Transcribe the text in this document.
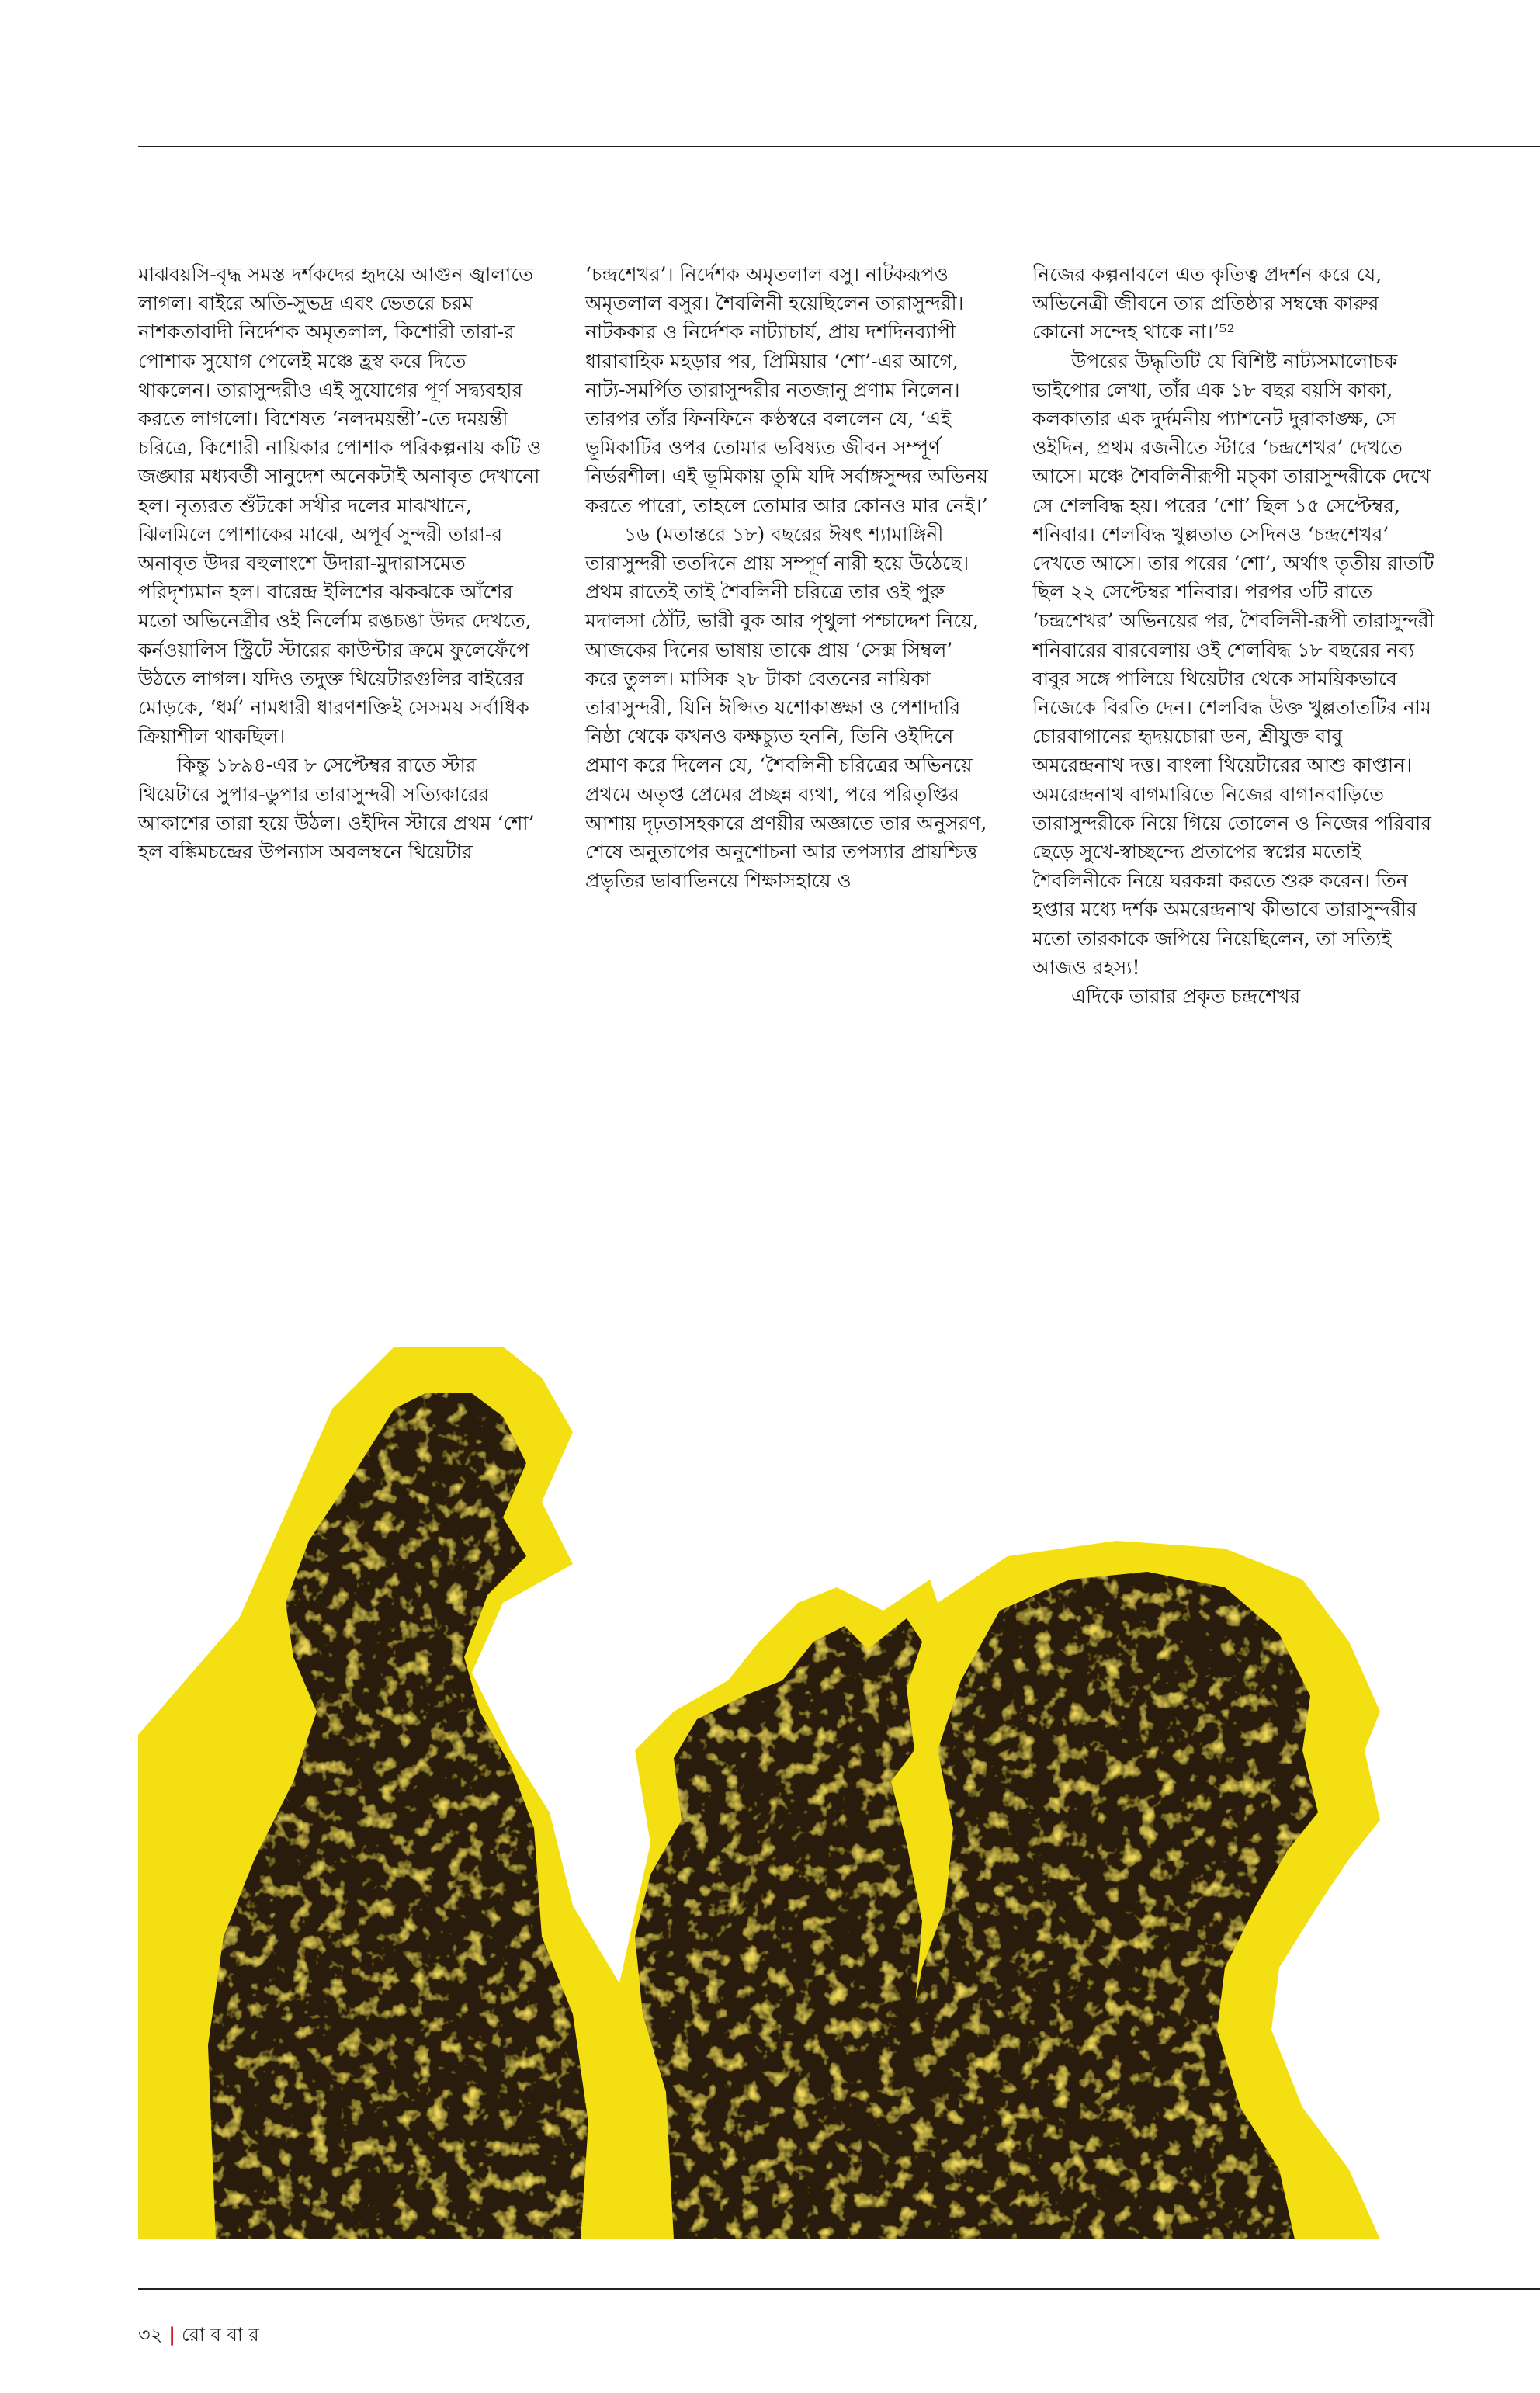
মাঝবয়সি-বৃদ্ধ সমস্ত দর্শকদের হৃদয়ে আগুন জ্বালাতে লাগল। বাইরে অতি-সুভদ্র এবং ভেতরে চরম নাশকতাবাদী নির্দেশক অমৃতলাল, কিশোরী তারা-র পোশাক সুযোগ পেলেই মঞ্চে হ্রস্ব করে দিতে থাকলেন। তারাসুন্দরীও এই সুযোগের পূর্ণ সদ্ব্যবহার করতে লাগলো। বিশেষত ‘নলদময়ন্তী’-তে দময়ন্তী চরিত্রে, কিশোরী নায়িকার পোশাক পরিকল্পনায় কটি ও জঙ্ঘার মধ্যবর্তী সানুদেশ অনেকটাই অনাবৃত দেখানো হল। নৃত্যরত শুঁটকো সখীর দলের মাঝখানে, ঝিলমিলে পোশাকের মাঝে, অপূর্ব সুন্দরী তারা-র অনাবৃত উদর বহুলাংশে উদারা-মুদারাসমেত পরিদৃশ্যমান হল। বারেন্দ্র ইলিশের ঝকঝকে আঁশের মতো অভিনেত্রীর ওই নির্লোম রঙচঙা উদর দেখতে, কর্নওয়ালিস স্ট্রিটে স্টারের কাউন্টার ক্রমে ফুলেফেঁপে উঠতে লাগল। যদিও তদুক্ত থিয়েটারগুলির বাইরের মোড়কে, ‘ধর্ম’ নামধারী ধারণশক্তিই সেসময় সর্বাধিক ক্রিয়াশীল থাকছিল।

কিন্তু ১৮৯৪-এর ৮ সেপ্টেম্বর রাতে স্টার থিয়েটারে সুপার-ডুপার তারাসুন্দরী সত্যিকারের আকাশের তারা হয়ে উঠল। ওইদিন স্টারে প্রথম ‘শো’ হল বঙ্কিমচন্দ্রের উপন্যাস অবলম্বনে থিয়েটার

‘চন্দ্রশেখর’। নির্দেশক অমৃতলাল বসু। নাটকরূপও অমৃতলাল বসুর। শৈবলিনী হয়েছিলেন তারাসুন্দরী। নাটককার ও নির্দেশক নাট্যাচার্য, প্রায় দশদিনব্যাপী ধারাবাহিক মহড়ার পর, প্রিমিয়ার ‘শো’-এর আগে, নাট্য-সমর্পিত তারাসুন্দরীর নতজানু প্রণাম নিলেন। তারপর তাঁর ফিনফিনে কণ্ঠস্বরে বললেন যে, ‘এই ভূমিকাটির ওপর তোমার ভবিষ্যত জীবন সম্পূর্ণ নির্ভরশীল। এই ভূমিকায় তুমি যদি সর্বাঙ্গসুন্দর অভিনয় করতে পারো, তাহলে তোমার আর কোনও মার নেই।’

১৬ (মতান্তরে ১৮) বছরের ঈষৎ শ্যামাঙ্গিনী তারাসুন্দরী ততদিনে প্রায় সম্পূর্ণ নারী হয়ে উঠেছে। প্রথম রাতেই তাই শৈবলিনী চরিত্রে তার ওই পুরু মদালসা ঠোঁট, ভারী বুক আর পৃথুলা পশ্চাদ্দেশ নিয়ে, আজকের দিনের ভাষায় তাকে প্রায় ‘সেক্স সিম্বল’ করে তুলল। মাসিক ২৮ টাকা বেতনের নায়িকা তারাসুন্দরী, যিনি ঈপ্সিত যশোকাঙ্ক্ষা ও পেশাদারি নিষ্ঠা থেকে কখনও কক্ষচ্যুত হননি, তিনি ওইদিনে প্রমাণ করে দিলেন যে, ‘শৈবলিনী চরিত্রের অভিনয়ে প্রথমে অতৃপ্ত প্রেমের প্রচ্ছন্ন ব্যথা, পরে পরিতৃপ্তির আশায় দৃঢ়তাসহকারে প্রণয়ীর অজ্ঞাতে তার অনুসরণ, শেষে অনুতাপের অনুশোচনা আর তপস্যার প্রায়শ্চিত্ত প্রভৃতির ভাবাভিনয়ে শিক্ষাসহায়ে ও

নিজের কল্পনাবলে এত কৃতিত্ব প্রদর্শন করে যে, অভিনেত্রী জীবনে তার প্রতিষ্ঠার সম্বন্ধে কারুর কোনো সন্দেহ থাকে না।’⁵²

উপরের উদ্ধৃতিটি যে বিশিষ্ট নাট্যসমালোচক ভাইপোর লেখা, তাঁর এক ১৮ বছর বয়সি কাকা, কলকাতার এক দুর্দমনীয় প্যাশনেট দুরাকাঙ্ক্ষ, সে ওইদিন, প্রথম রজনীতে স্টারে ‘চন্দ্রশেখর’ দেখতে আসে। মঞ্চে শৈবলিনীরূপী মচ্কা তারাসুন্দরীকে দেখে সে শেলবিদ্ধ হয়। পরের ‘শো’ ছিল ১৫ সেপ্টেম্বর, শনিবার। শেলবিদ্ধ খুল্লতাত সেদিনও ‘চন্দ্রশেখর’ দেখতে আসে। তার পরের ‘শো’, অর্থাৎ তৃতীয় রাতটি ছিল ২২ সেপ্টেম্বর শনিবার। পরপর ৩টি রাতে ‘চন্দ্রশেখর’ অভিনয়ের পর, শৈবলিনী-রূপী তারাসুন্দরী শনিবারের বারবেলায় ওই শেলবিদ্ধ ১৮ বছরের নব্য বাবুর সঙ্গে পালিয়ে থিয়েটার থেকে সাময়িকভাবে নিজেকে বিরতি দেন। শেলবিদ্ধ উক্ত খুল্লতাতটির নাম চোরবাগানের হৃদয়চোরা ডন, শ্রীযুক্ত বাবু অমরেন্দ্রনাথ দত্ত। বাংলা থিয়েটারের আশু কাপ্তান। অমরেন্দ্রনাথ বাগমারিতে নিজের বাগানবাড়িতে তারাসুন্দরীকে নিয়ে গিয়ে তোলেন ও নিজের পরিবার ছেড়ে সুখে-স্বাচ্ছন্দ্যে প্রতাপের স্বপ্নের মতোই শৈবলিনীকে নিয়ে ঘরকন্না করতে শুরু করেন। তিন হপ্তার মধ্যে দর্শক অমরেন্দ্রনাথ কীভাবে তারাসুন্দরীর মতো তারকাকে জপিয়ে নিয়েছিলেন, তা সত্যিই আজও রহস্য!

এদিকে তারার প্রকৃত চন্দ্রশেখর

৩২ | রো ব বা র
